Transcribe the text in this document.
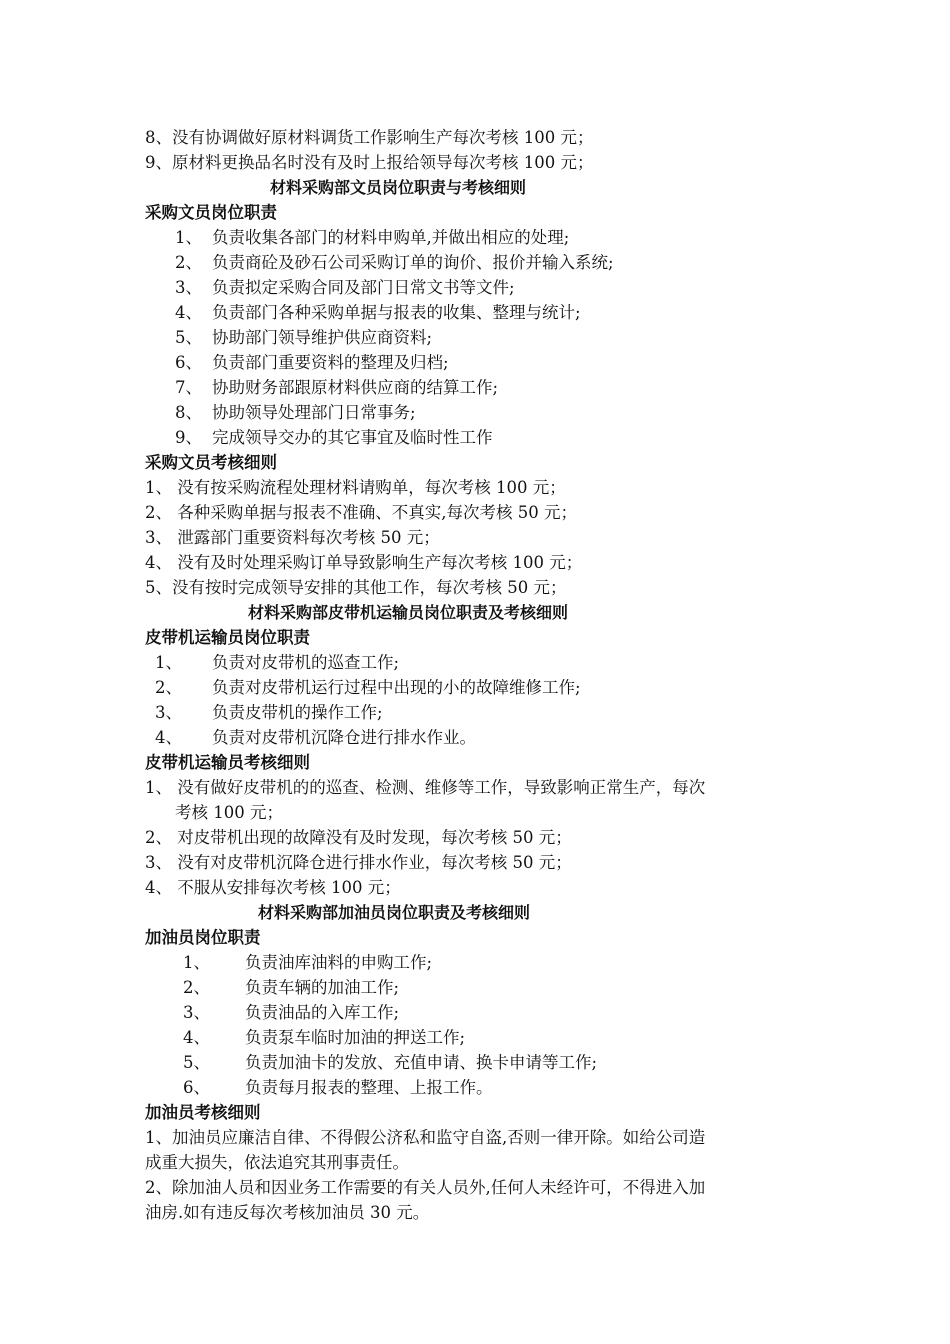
8、没有协调做好原材料调货工作影响生产每次考核 100 元；
9、原材料更换品名时没有及时上报给领导每次考核 100 元；
材料采购部文员岗位职责与考核细则
采购文员岗位职责
1、 负责收集各部门的材料申购单,并做出相应的处理;
2、 负责商砼及砂石公司采购订单的询价、报价并输入系统;
3、 负责拟定采购合同及部门日常文书等文件;
4、 负责部门各种采购单据与报表的收集、整理与统计;
5、 协助部门领导维护供应商资料;
6、 负责部门重要资料的整理及归档;
7、 协助财务部跟原材料供应商的结算工作;
8、 协助领导处理部门日常事务;
9、 完成领导交办的其它事宜及临时性工作
采购文员考核细则
1、 没有按采购流程处理材料请购单，每次考核 100 元；
2、 各种采购单据与报表不准确、不真实,每次考核 50 元；
3、 泄露部门重要资料每次考核 50 元；
4、 没有及时处理采购订单导致影响生产每次考核 100 元；
5、没有按时完成领导安排的其他工作，每次考核 50 元；
材料采购部皮带机运输员岗位职责及考核细则
皮带机运输员岗位职责
1、 负责对皮带机的巡查工作;
2、 负责对皮带机运行过程中出现的小的故障维修工作;
3、 负责皮带机的操作工作;
4、 负责对皮带机沉降仓进行排水作业。
皮带机运输员考核细则
1、 没有做好皮带机的的巡查、检测、维修等工作，导致影响正常生产，每次
考核 100 元；
2、 对皮带机出现的故障没有及时发现，每次考核 50 元；
3、 没有对皮带机沉降仓进行排水作业，每次考核 50 元；
4、 不服从安排每次考核 100 元；
材料采购部加油员岗位职责及考核细则
加油员岗位职责
1、 负责油库油料的申购工作;
2、 负责车辆的加油工作;
3、 负责油品的入库工作;
4、 负责泵车临时加油的押送工作;
5、 负责加油卡的发放、充值申请、换卡申请等工作;
6、 负责每月报表的整理、上报工作。
加油员考核细则
1、加油员应廉洁自律、不得假公济私和监守自盗,否则一律开除。如给公司造
成重大损失，依法追究其刑事责任。
2、除加油人员和因业务工作需要的有关人员外,任何人未经许可，不得进入加
油房.如有违反每次考核加油员 30 元。
